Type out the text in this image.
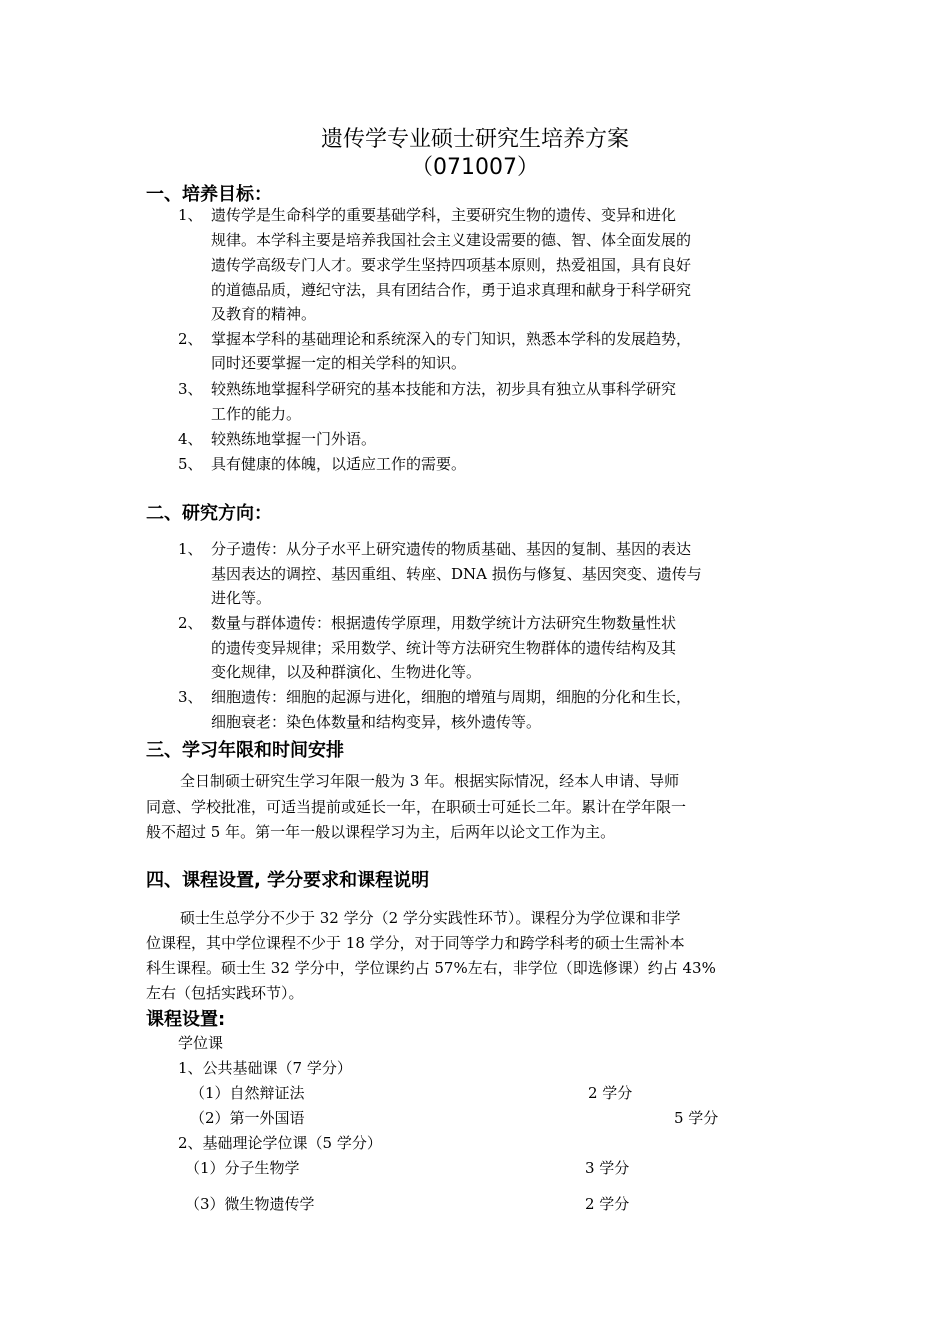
遗传学专业硕士研究生培养方案
（071007）
一、培养目标：
1、 遗传学是生命科学的重要基础学科，主要研究生物的遗传、变异和进化
规律。本学科主要是培养我国社会主义建设需要的德、智、体全面发展的
遗传学高级专门人才。要求学生坚持四项基本原则，热爱祖国，具有良好
的道德品质，遵纪守法，具有团结合作，勇于追求真理和献身于科学研究
及教育的精神。
2、 掌握本学科的基础理论和系统深入的专门知识，熟悉本学科的发展趋势，
同时还要掌握一定的相关学科的知识。
3、 较熟练地掌握科学研究的基本技能和方法，初步具有独立从事科学研究
工作的能力。
4、 较熟练地掌握一门外语。
5、 具有健康的体魄，以适应工作的需要。
二、研究方向：
1、 分子遗传：从分子水平上研究遗传的物质基础、基因的复制、基因的表达
基因表达的调控、基因重组、转座、DNA 损伤与修复、基因突变、遗传与
进化等。
2、 数量与群体遗传：根据遗传学原理，用数学统计方法研究生物数量性状
的遗传变异规律；采用数学、统计等方法研究生物群体的遗传结构及其
变化规律，以及种群演化、生物进化等。
3、 细胞遗传：细胞的起源与进化，细胞的增殖与周期，细胞的分化和生长，
细胞衰老：染色体数量和结构变异，核外遗传等。
三、学习年限和时间安排
全日制硕士研究生学习年限一般为 3 年。根据实际情况，经本人申请、导师
同意、学校批准，可适当提前或延长一年，在职硕士可延长二年。累计在学年限一
般不超过 5 年。第一年一般以课程学习为主，后两年以论文工作为主。
四、课程设置, 学分要求和课程说明
硕士生总学分不少于 32 学分（2 学分实践性环节）。课程分为学位课和非学
位课程，其中学位课程不少于 18 学分，对于同等学力和跨学科考的硕士生需补本
科生课程。硕士生 32 学分中，学位课约占 57%左右，非学位（即选修课）约占 43%
左右（包括实践环节）。
课程设置:
学位课
1、公共基础课（7 学分）
（1）自然辩证法	2 学分
（2）第一外国语	5 学分
2、基础理论学位课（5 学分）
（1）分子生物学	3 学分
（3）微生物遗传学	2 学分
